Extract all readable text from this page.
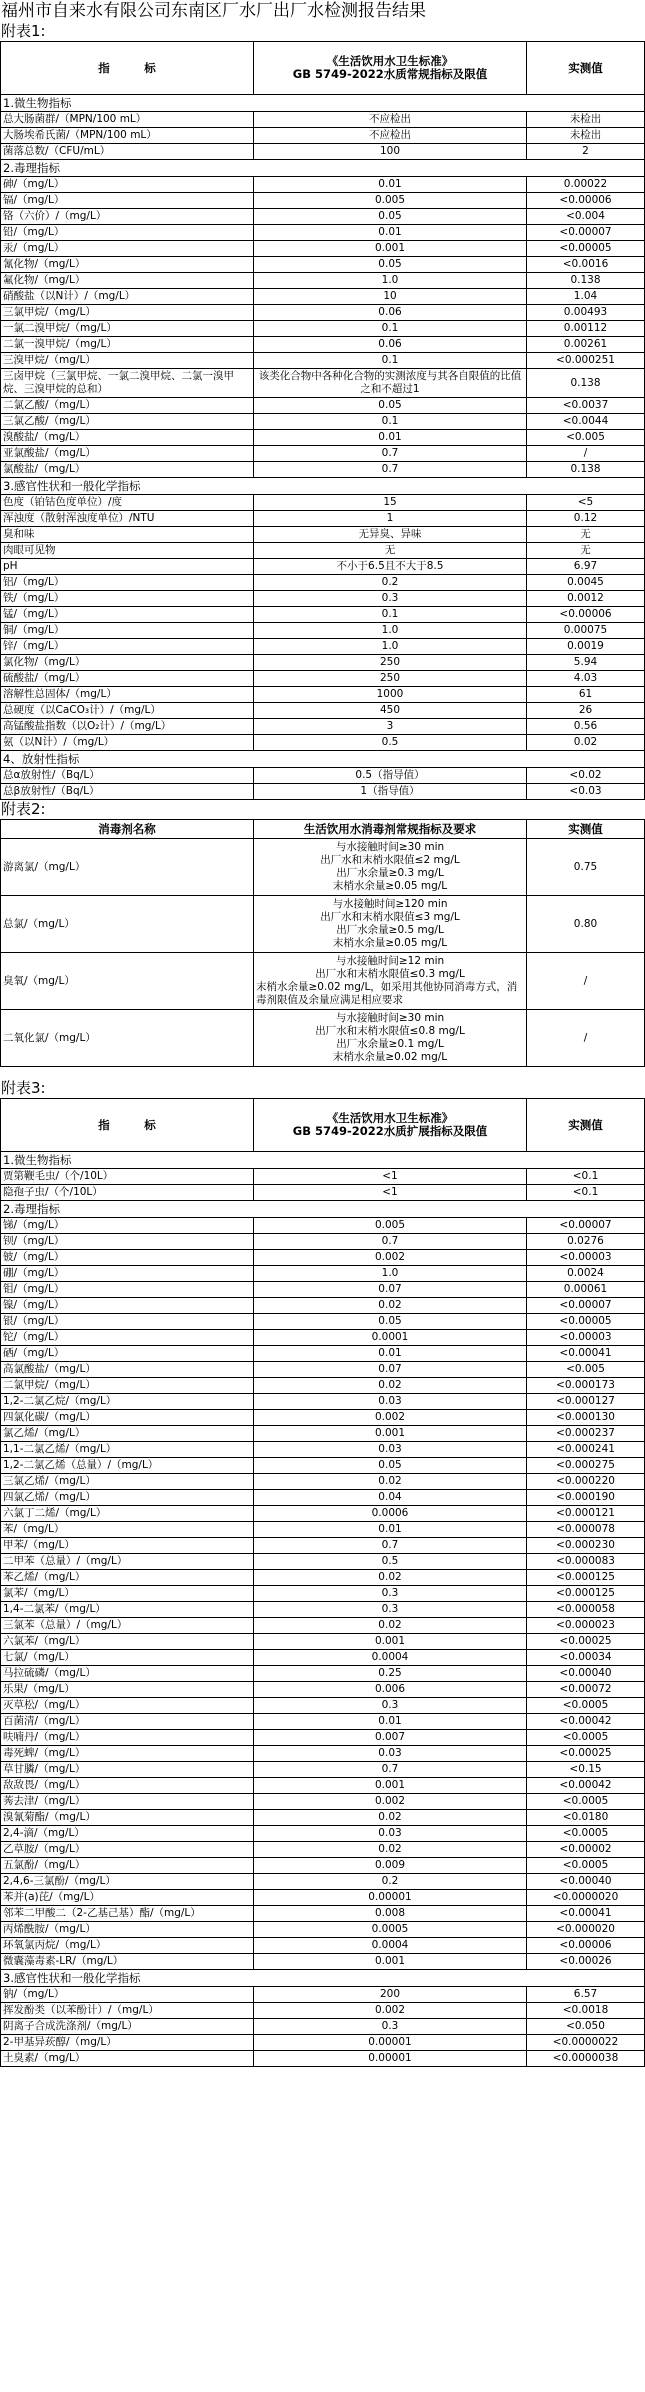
福州市自来水有限公司东南区厂水厂出厂水检测报告结果
附表1:
指　　　标	《生活饮用水卫生标准》
GB 5749-2022水质常规指标及限值	实测值
1.微生物指标		
总大肠菌群/（MPN/100 mL）	不应检出	未检出
大肠埃希氏菌/（MPN/100 mL）	不应检出	未检出
菌落总数/（CFU/mL）	100	2
2.毒理指标		
砷/（mg/L）	0.01	0.00022
镉/（mg/L）	0.005	<0.00006
铬（六价）/（mg/L）	0.05	<0.004
铅/（mg/L）	0.01	<0.00007
汞/（mg/L）	0.001	<0.00005
氰化物/（mg/L）	0.05	<0.0016
氟化物/（mg/L）	1.0	0.138
硝酸盐（以N计）/（mg/L）	10	1.04
三氯甲烷/（mg/L）	0.06	0.00493
一氯二溴甲烷/（mg/L）	0.1	0.00112
二氯一溴甲烷/（mg/L）	0.06	0.00261
三溴甲烷/（mg/L）	0.1	<0.000251
三卤甲烷（三氯甲烷、一氯二溴甲烷、二氯一溴甲烷、三溴甲烷的总和）	该类化合物中各种化合物的实测浓度与其各自限值的比值之和不超过1	0.138
二氯乙酸/（mg/L）	0.05	<0.0037
三氯乙酸/（mg/L）	0.1	<0.0044
溴酸盐/（mg/L）	0.01	<0.005
亚氯酸盐/（mg/L）	0.7	/
氯酸盐/（mg/L）	0.7	0.138
3.感官性状和一般化学指标		
色度（铂钴色度单位）/度	15	<5
浑浊度（散射浑浊度单位）/NTU	1	0.12
臭和味	无异臭、异味	无
肉眼可见物	无	无
pH	不小于6.5且不大于8.5	6.97
铝/（mg/L）	0.2	0.0045
铁/（mg/L）	0.3	0.0012
锰/（mg/L）	0.1	<0.00006
铜/（mg/L）	1.0	0.00075
锌/（mg/L）	1.0	0.0019
氯化物/（mg/L）	250	5.94
硫酸盐/（mg/L）	250	4.03
溶解性总固体/（mg/L）	1000	61
总硬度（以CaCO₃计）/（mg/L）	450	26
高锰酸盐指数（以O₂计）/（mg/L）	3	0.56
氨（以N计）/（mg/L）	0.5	0.02
4、放射性指标		
总α放射性/（Bq/L）	0.5（指导值）	<0.02
总β放射性/（Bq/L）	1（指导值）	<0.03
附表2:
消毒剂名称	生活饮用水消毒剂常规指标及要求	实测值
游离氯/（mg/L）	与水接触时间≥30 min
出厂水和末梢水限值≤2 mg/L
出厂水余量≥0.3 mg/L
末梢水余量≥0.05 mg/L	0.75
总氯/（mg/L）	与水接触时间≥120 min
出厂水和末梢水限值≤3 mg/L
出厂水余量≥0.5 mg/L
末梢水余量≥0.05 mg/L	0.80
臭氧/（mg/L）	与水接触时间≥12 min
出厂水和末梢水限值≤0.3 mg/L
末梢水余量≥0.02 mg/L，如采用其他协同消毒方式，消毒剂限值及余量应满足相应要求	/
二氧化氯/（mg/L）	与水接触时间≥30 min
出厂水和末梢水限值≤0.8 mg/L
出厂水余量≥0.1 mg/L
末梢水余量≥0.02 mg/L	/
附表3:
指　　　标	《生活饮用水卫生标准》
GB 5749-2022水质扩展指标及限值	实测值
1.微生物指标		
贾第鞭毛虫/（个/10L）	<1	<0.1
隐孢子虫/（个/10L）	<1	<0.1
2.毒理指标		
锑/（mg/L）	0.005	<0.00007
钡/（mg/L）	0.7	0.0276
铍/（mg/L）	0.002	<0.00003
硼/（mg/L）	1.0	0.0024
钼/（mg/L）	0.07	0.00061
镍/（mg/L）	0.02	<0.00007
银/（mg/L）	0.05	<0.00005
铊/（mg/L）	0.0001	<0.00003
硒/（mg/L）	0.01	<0.00041
高氯酸盐/（mg/L）	0.07	<0.005
二氯甲烷/（mg/L）	0.02	<0.000173
1,2-二氯乙烷/（mg/L）	0.03	<0.000127
四氯化碳/（mg/L）	0.002	<0.000130
氯乙烯/（mg/L）	0.001	<0.000237
1,1-二氯乙烯/（mg/L）	0.03	<0.000241
1,2-二氯乙烯（总量）/（mg/L）	0.05	<0.000275
三氯乙烯/（mg/L）	0.02	<0.000220
四氯乙烯/（mg/L）	0.04	<0.000190
六氯丁二烯/（mg/L）	0.0006	<0.000121
苯/（mg/L）	0.01	<0.000078
甲苯/（mg/L）	0.7	<0.000230
二甲苯（总量）/（mg/L）	0.5	<0.000083
苯乙烯/（mg/L）	0.02	<0.000125
氯苯/（mg/L）	0.3	<0.000125
1,4-二氯苯/（mg/L）	0.3	<0.000058
三氯苯（总量）/（mg/L）	0.02	<0.000023
六氯苯/（mg/L）	0.001	<0.00025
七氯/（mg/L）	0.0004	<0.00034
马拉硫磷/（mg/L）	0.25	<0.00040
乐果/（mg/L）	0.006	<0.00072
灭草松/（mg/L）	0.3	<0.0005
百菌清/（mg/L）	0.01	<0.00042
呋喃丹/（mg/L）	0.007	<0.0005
毒死蜱/（mg/L）	0.03	<0.00025
草甘膦/（mg/L）	0.7	<0.15
敌敌畏/（mg/L）	0.001	<0.00042
莠去津/（mg/L）	0.002	<0.0005
溴氰菊酯/（mg/L）	0.02	<0.0180
2,4-滴/（mg/L）	0.03	<0.0005
乙草胺/（mg/L）	0.02	<0.00002
五氯酚/（mg/L）	0.009	<0.0005
2,4,6-三氯酚/（mg/L）	0.2	<0.00040
苯并(a)芘/（mg/L）	0.00001	<0.0000020
邻苯二甲酸二（2-乙基己基）酯/（mg/L）	0.008	<0.00041
丙烯酰胺/（mg/L）	0.0005	<0.000020
环氧氯丙烷/（mg/L）	0.0004	<0.00006
微囊藻毒素-LR/（mg/L）	0.001	<0.00026
3.感官性状和一般化学指标		
钠/（mg/L）	200	6.57
挥发酚类（以苯酚计）/（mg/L）	0.002	<0.0018
阴离子合成洗涤剂/（mg/L）	0.3	<0.050
2-甲基异莰醇/（mg/L）	0.00001	<0.0000022
土臭素/（mg/L）	0.00001	<0.0000038
